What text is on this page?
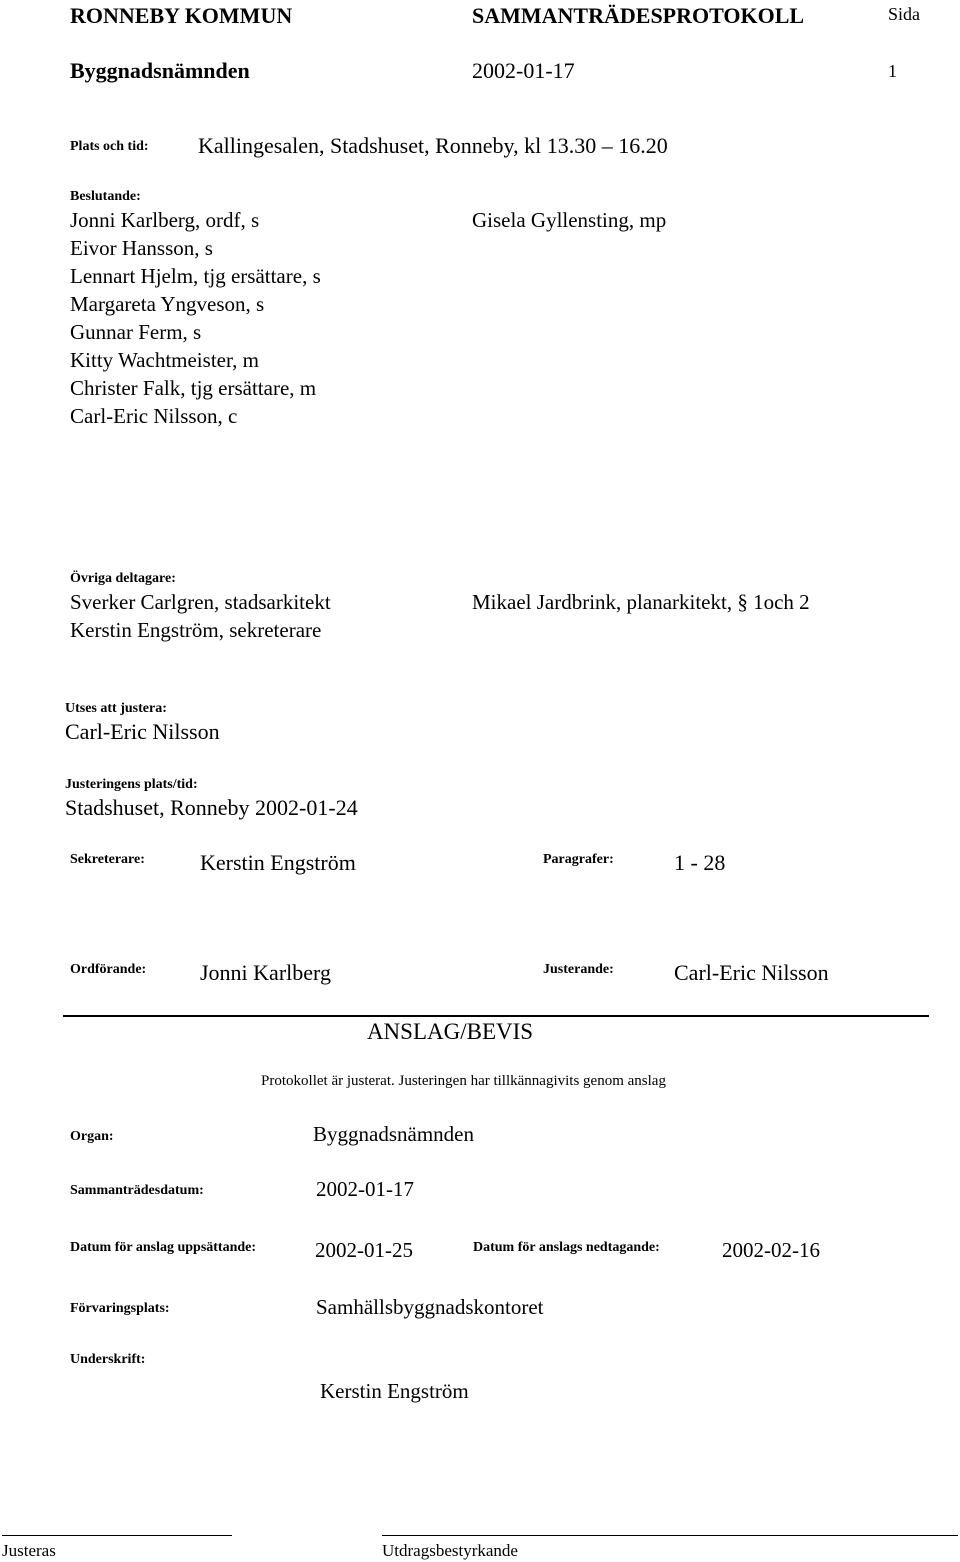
RONNEBY KOMMUN	SAMMANTRÄDESPROTOKOLL	Sida
Byggnadsnämnden	2002-01-17	1
Plats och tid: Kallingesalen, Stadshuset, Ronneby, kl 13.30 – 16.20
Beslutande:
Jonni Karlberg, ordf, s
Eivor Hansson, s
Lennart Hjelm, tjg ersättare, s
Margareta Yngveson, s
Gunnar Ferm, s
Kitty Wachtmeister, m
Christer Falk, tjg ersättare, m
Carl-Eric Nilsson, c
Gisela Gyllensting, mp
Övriga deltagare:
Sverker Carlgren, stadsarkitekt
Kerstin Engström, sekreterare
Mikael Jardbrink, planarkitekt, § 1och 2
Utses att justera:
Carl-Eric Nilsson
Justeringens plats/tid:
Stadshuset, Ronneby 2002-01-24
Sekreterare:	Kerstin Engström	Paragrafer:	1 - 28
Ordförande: Jonni Karlberg	Justerande:	Carl-Eric Nilsson
ANSLAG/BEVIS
Protokollet är justerat. Justeringen har tillkännagivits genom anslag
Organ:	Byggnadsnämnden
Sammanträdesdatum:	2002-01-17
Datum för anslag uppsättande:	2002-01-25	Datum för anslags nedtagande:	2002-02-16
Förvaringsplats:	Samhällsbyggnadskontoret
Underskrift:
Kerstin Engström
Justeras	Utdragsbestyrkande
